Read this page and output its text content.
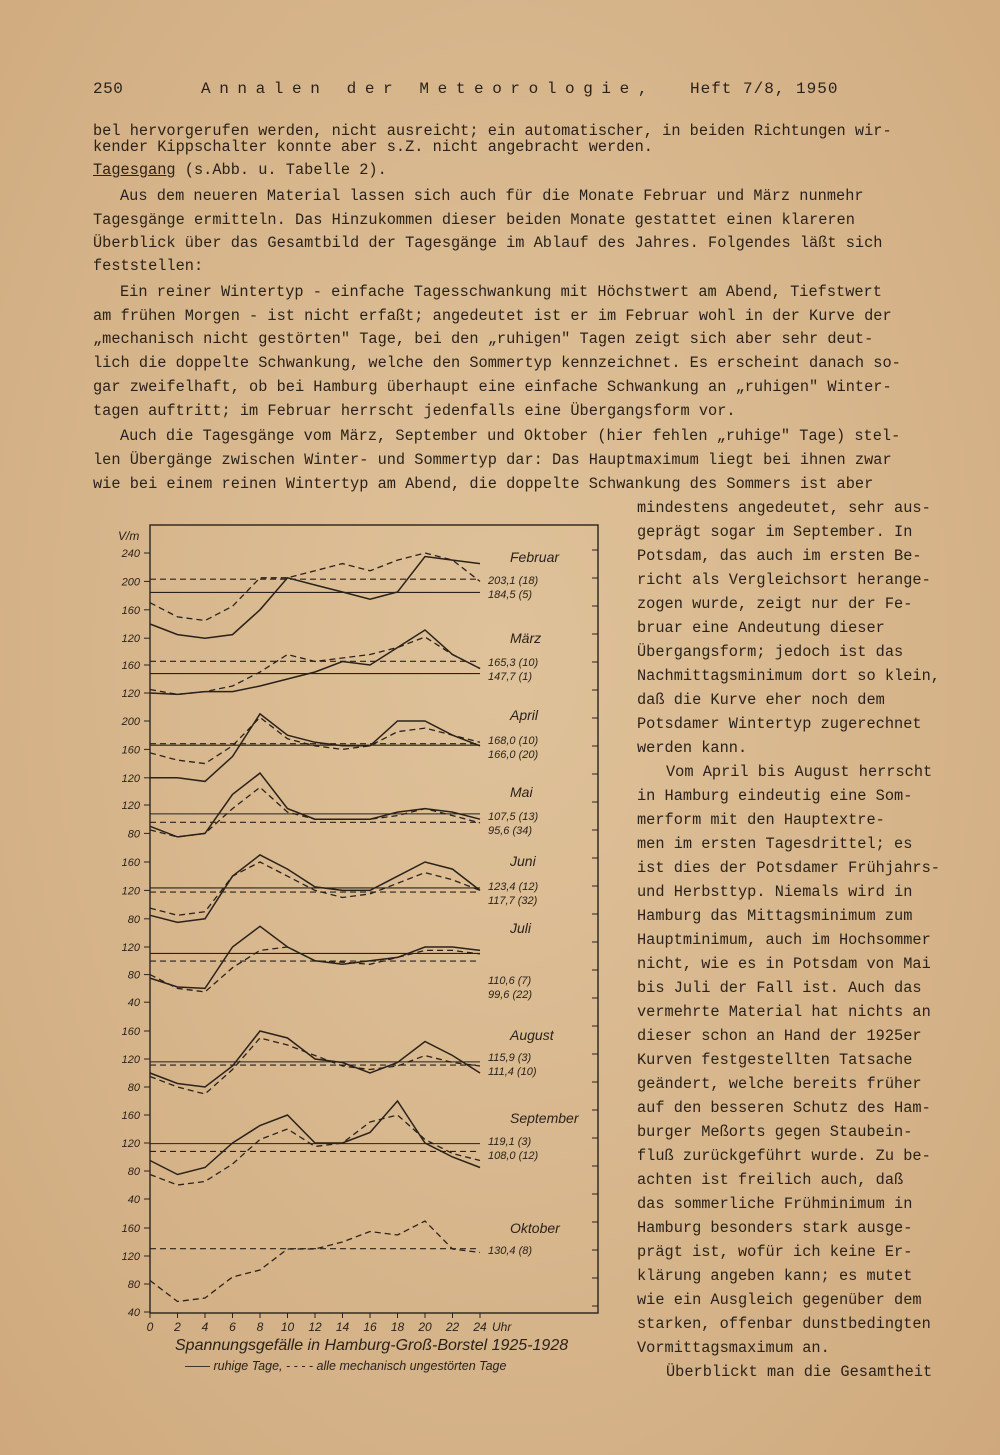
250	Annalen der Meteorologie, Heft 7/8, 1950
bel hervorgerufen werden, nicht ausreicht; ein automatischer, in beiden Richtungen wir-
kender Kippschalter konnte aber s.Z. nicht angebracht werden.
Tagesgang (s.Abb. u. Tabelle 2).
Aus dem neueren Material lassen sich auch für die Monate Februar und März nunmehr
Tagesgänge ermitteln. Das Hinzukommen dieser beiden Monate gestattet einen klareren
Überblick über das Gesamtbild der Tagesgänge im Ablauf des Jahres. Folgendes läßt sich
feststellen:
Ein reiner Wintertyp - einfache Tagesschwankung mit Höchstwert am Abend, Tiefstwert
am frühen Morgen - ist nicht erfaßt; angedeutet ist er im Februar wohl in der Kurve der
„mechanisch nicht gestörten" Tage, bei den „ruhigen" Tagen zeigt sich aber sehr deut-
lich die doppelte Schwankung, welche den Sommertyp kennzeichnet. Es erscheint danach so-
gar zweifelhaft, ob bei Hamburg überhaupt eine einfache Schwankung an „ruhigen" Winter-
tagen auftritt; im Februar herrscht jedenfalls eine Übergangsform vor.
Auch die Tagesgänge vom März, September und Oktober (hier fehlen „ruhige" Tage) stel-
len Übergänge zwischen Winter- und Sommertyp dar: Das Hauptmaximum liegt bei ihnen zwar
wie bei einem reinen Wintertyp am Abend, die doppelte Schwankung des Sommers ist aber
mindestens angedeutet, sehr aus-
geprägt sogar im September. In
Potsdam, das auch im ersten Be-
richt als Vergleichsort herange-
zogen wurde, zeigt nur der Fe-
bruar eine Andeutung dieser
Übergangsform; jedoch ist das
Nachmittagsminimum dort so klein,
daß die Kurve eher noch dem
Potsdamer Wintertyp zugerechnet
werden kann.
Vom April bis August herrscht
in Hamburg eindeutig eine Som-
merform mit den Hauptextre-
men im ersten Tagesdrittel; es
ist dies der Potsdamer Frühjahrs-
und Herbsttyp. Niemals wird in
Hamburg das Mittagsminimum zum
Hauptminimum, auch im Hochsommer
nicht, wie es in Potsdam von Mai
bis Juli der Fall ist. Auch das
vermehrte Material hat nichts an
dieser schon an Hand der 1925er
Kurven festgestellten Tatsache
geändert, welche bereits früher
auf den besseren Schutz des Ham-
burger Meßorts gegen Staubein-
fluß zurückgeführt wurde. Zu be-
achten ist freilich auch, daß
das sommerliche Frühminimum in
Hamburg besonders stark ausge-
prägt ist, wofür ich keine Er-
klärung angeben kann; es mutet
wie ein Ausgleich gegenüber dem
starken, offenbar dunstbedingten
Vormittagsmaximum an.
Überblickt man die Gesamtheit
V/m
240
200
160
120
160
120
200
160
120
120
80
160
120
80
120
80
40
160
120
80
160
120
80
40
160
120
80
40
0 2 4 6 8 10 12 14 16 18 20 22 24 Uhr
Februar
203,1 (18)
184,5 (5)
März
165,3 (10)
147,7 (1)
April
168,0 (10)
166,0 (20)
Mai
107,5 (13)
95,6 (34)
Juni
123,4 (12)
117,7 (32)
Juli
110,6 (7)
99,6 (22)
August
115,9 (3)
111,4 (10)
September
119,1 (3)
108,0 (12)
Oktober
130,4 (8)
Spannungsgefälle in Hamburg-Groß-Borstel 1925-1928
—— ruhige Tage, - - - - alle mechanisch ungestörten Tage
